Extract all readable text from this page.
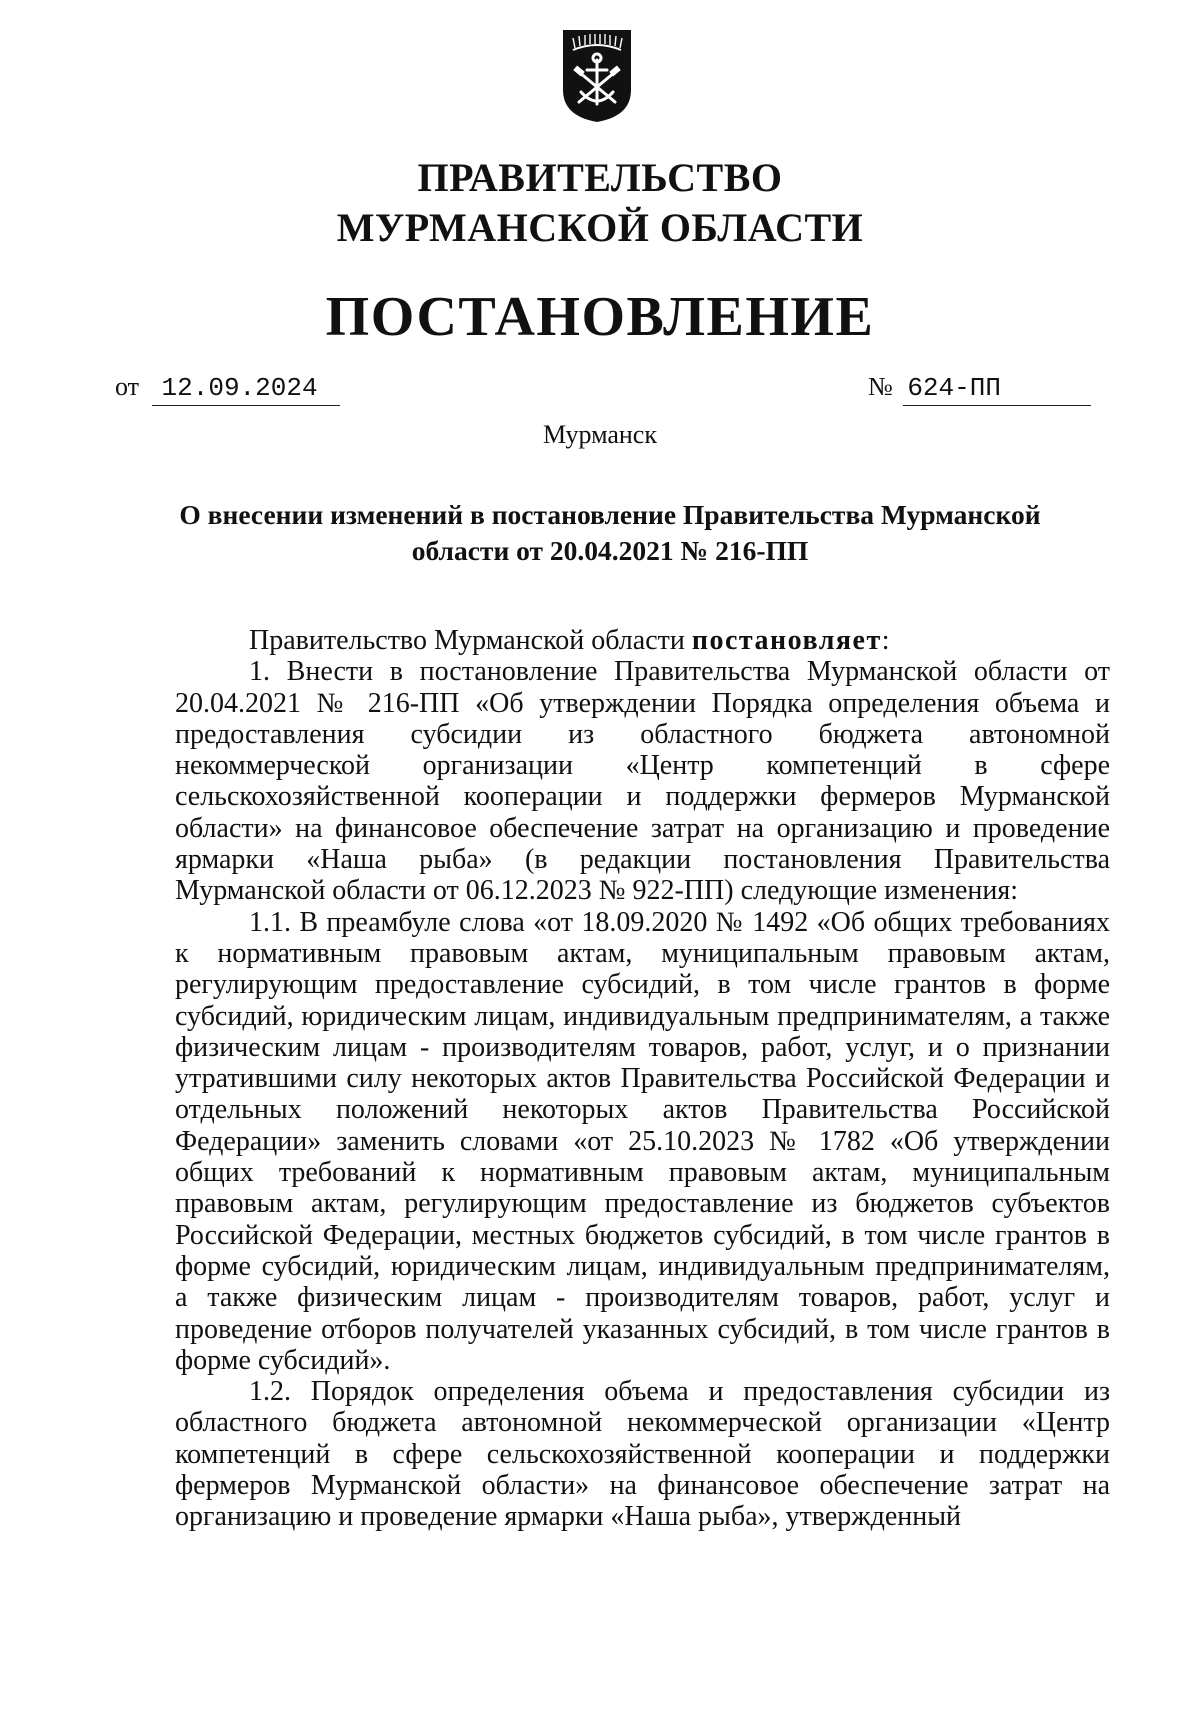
ПРАВИТЕЛЬСТВО
МУРМАНСКОЙ ОБЛАСТИ
ПОСТАНОВЛЕНИЕ
от 12.09.2024	№ 624-ПП
Мурманск
О внесении изменений в постановление Правительства Мурманской
области от 20.04.2021 № 216-ПП

Правительство Мурманской области постановляет:

1. Внести в постановление Правительства Мурманской области от 20.04.2021 № 216-ПП «Об утверждении Порядка определения объема и предоставления субсидии из областного бюджета автономной некоммерческой организации «Центр компетенций в сфере сельскохозяйственной кооперации и поддержки фермеров Мурманской области» на финансовое обеспечение затрат на организацию и проведение ярмарки «Наша рыба» (в редакции постановления Правительства Мурманской области от 06.12.2023 № 922-ПП) следующие изменения:

1.1. В преамбуле слова «от 18.09.2020 № 1492 «Об общих требованиях к нормативным правовым актам, муниципальным правовым актам, регулирующим предоставление субсидий, в том числе грантов в форме субсидий, юридическим лицам, индивидуальным предпринимателям, а также физическим лицам - производителям товаров, работ, услуг, и о признании утратившими силу некоторых актов Правительства Российской Федерации и отдельных положений некоторых актов Правительства Российской Федерации» заменить словами «от 25.10.2023 № 1782 «Об утверждении общих требований к нормативным правовым актам, муниципальным правовым актам, регулирующим предоставление из бюджетов субъектов Российской Федерации, местных бюджетов субсидий, в том числе грантов в форме субсидий, юридическим лицам, индивидуальным предпринимателям, а также физическим лицам - производителям товаров, работ, услуг и проведение отборов получателей указанных субсидий, в том числе грантов в форме субсидий».

1.2. Порядок определения объема и предоставления субсидии из областного бюджета автономной некоммерческой организации «Центр компетенций в сфере сельскохозяйственной кооперации и поддержки фермеров Мурманской области» на финансовое обеспечение затрат на организацию и проведение ярмарки «Наша рыба», утвержденный
